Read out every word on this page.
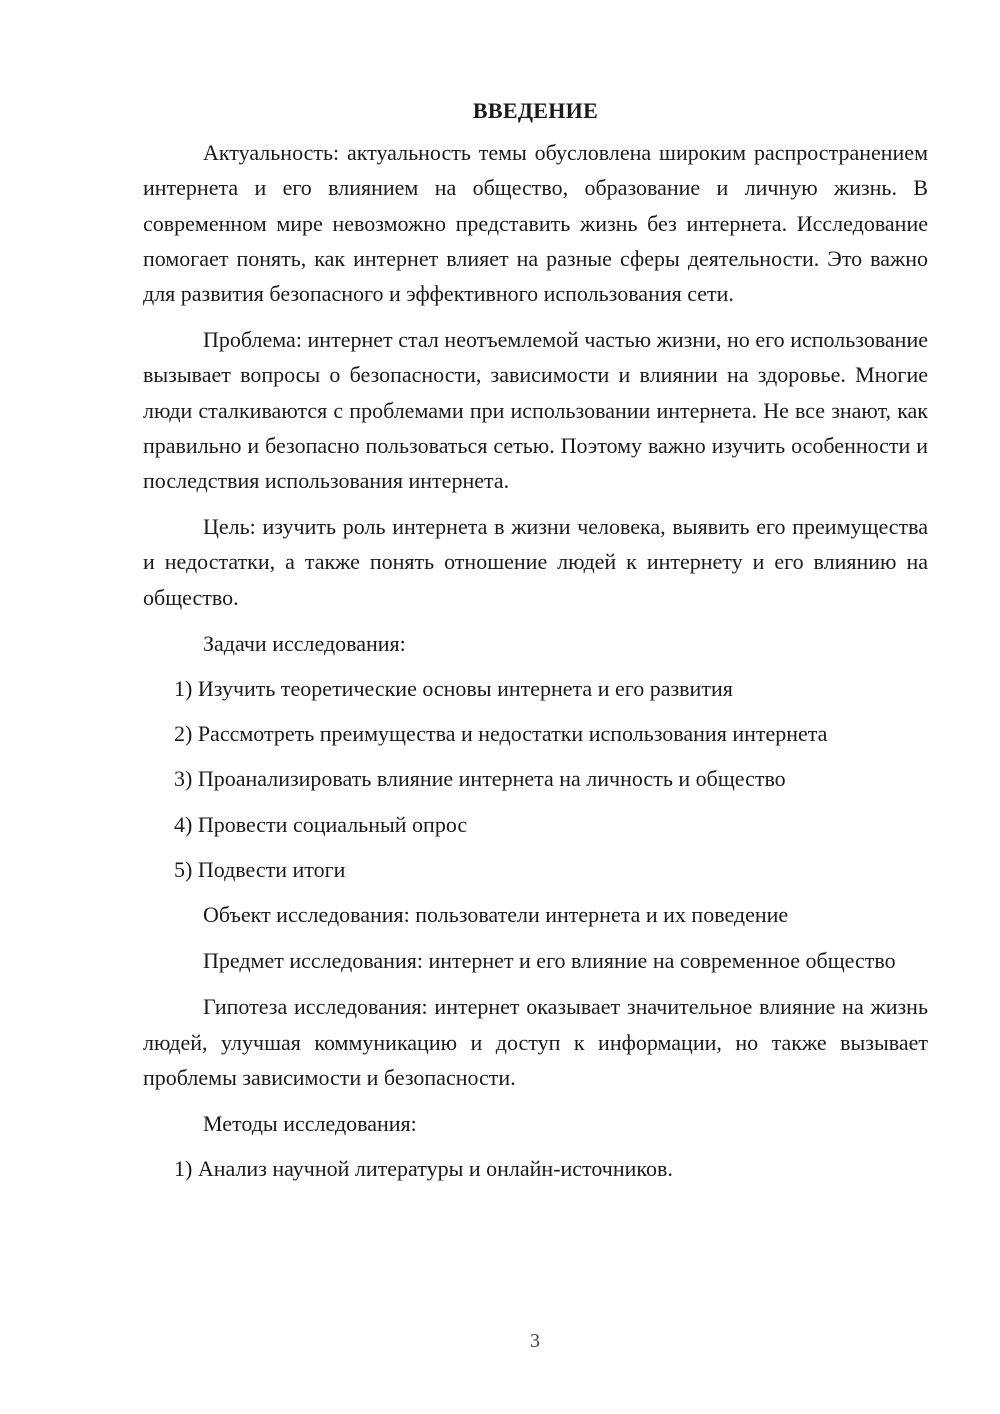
ВВЕДЕНИЕ

Актуальность: актуальность темы обусловлена широким распространением интернета и его влиянием на общество, образование и личную жизнь. В современном мире невозможно представить жизнь без интернета. Исследование помогает понять, как интернет влияет на разные сферы деятельности. Это важно для развития безопасного и эффективного использования сети.

Проблема: интернет стал неотъемлемой частью жизни, но его использование вызывает вопросы о безопасности, зависимости и влиянии на здоровье. Многие люди сталкиваются с проблемами при использовании интернета. Не все знают, как правильно и безопасно пользоваться сетью. Поэтому важно изучить особенности и последствия использования интернета.

Цель: изучить роль интернета в жизни человека, выявить его преимущества и недостатки, а также понять отношение людей к интернету и его влиянию на общество.

Задачи исследования:

1) Изучить теоретические основы интернета и его развития
2) Рассмотреть преимущества и недостатки использования интернета
3) Проанализировать влияние интернета на личность и общество
4) Провести социальный опрос
5) Подвести итоги

Объект исследования: пользователи интернета и их поведение

Предмет исследования: интернет и его влияние на современное общество

Гипотеза исследования: интернет оказывает значительное влияние на жизнь людей, улучшая коммуникацию и доступ к информации, но также вызывает проблемы зависимости и безопасности.

Методы исследования:

1) Анализ научной литературы и онлайн-источников.
3
